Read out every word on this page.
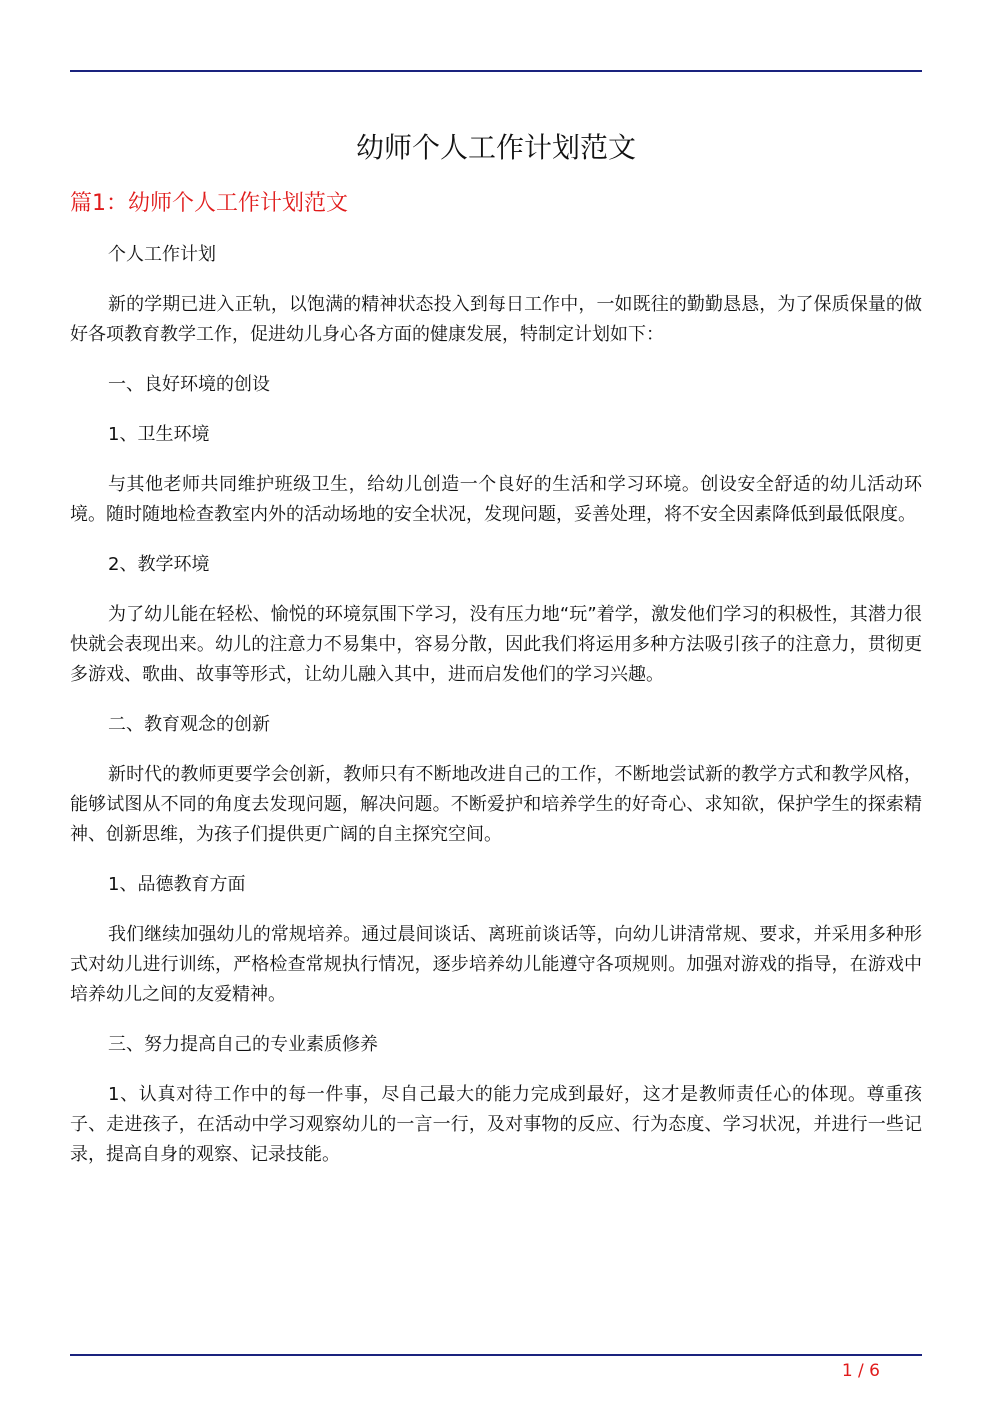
幼师个人工作计划范文
篇1：幼师个人工作计划范文

个人工作计划

新的学期已进入正轨，以饱满的精神状态投入到每日工作中，一如既往的勤勤恳恳，为了保质保量的做好各项教育教学工作，促进幼儿身心各方面的健康发展，特制定计划如下：

一、良好环境的创设

1、卫生环境

与其他老师共同维护班级卫生，给幼儿创造一个良好的生活和学习环境。创设安全舒适的幼儿活动环境。随时随地检查教室内外的活动场地的安全状况，发现问题，妥善处理，将不安全因素降低到最低限度。

2、教学环境

为了幼儿能在轻松、愉悦的环境氛围下学习，没有压力地“玩”着学，激发他们学习的积极性，其潜力很快就会表现出来。幼儿的注意力不易集中，容易分散，因此我们将运用多种方法吸引孩子的注意力，贯彻更多游戏、歌曲、故事等形式，让幼儿融入其中，进而启发他们的学习兴趣。

二、教育观念的创新

新时代的教师更要学会创新，教师只有不断地改进自己的工作，不断地尝试新的教学方式和教学风格，能够试图从不同的角度去发现问题，解决问题。不断爱护和培养学生的好奇心、求知欲，保护学生的探索精神、创新思维，为孩子们提供更广阔的自主探究空间。

1、品德教育方面

我们继续加强幼儿的常规培养。通过晨间谈话、离班前谈话等，向幼儿讲清常规、要求，并采用多种形式对幼儿进行训练，严格检查常规执行情况，逐步培养幼儿能遵守各项规则。加强对游戏的指导，在游戏中培养幼儿之间的友爱精神。

三、努力提高自己的专业素质修养

1、认真对待工作中的每一件事，尽自己最大的能力完成到最好，这才是教师责任心的体现。尊重孩子、走进孩子，在活动中学习观察幼儿的一言一行，及对事物的反应、行为态度、学习状况，并进行一些记录，提高自身的观察、记录技能。

1 / 6
